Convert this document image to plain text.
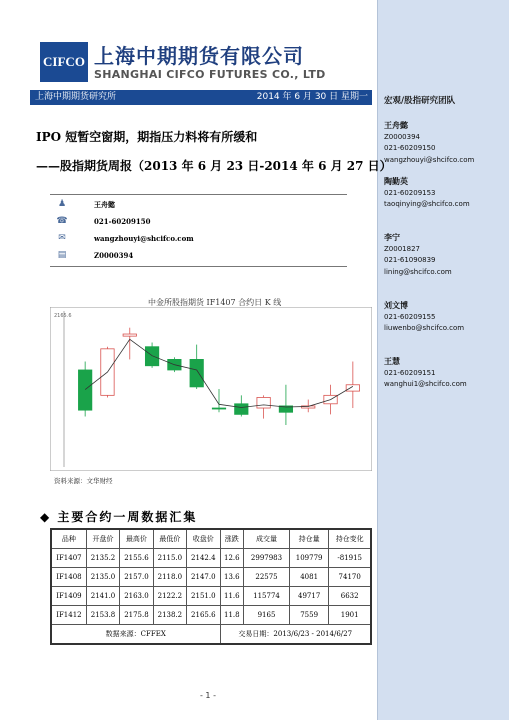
CIFCO 上海中期期货有限公司
SHANGHAI CIFCO FUTURES CO., LTD
上海中期期货研究所	2014 年 6 月 30 日 星期一 宏观/股指研究团队
王舟懿
Z0000394
021-60209150
wangzhouyi@shcifco.com
陶勤英
021-60209153
taoqinying@shcifco.com
李宁
Z0001827
021-61090839
lining@shcifco.com
刘文博
021-60209155
liuwenbo@shcifco.com
王慧
021-60209151
wanghui1@shcifco.com
IPO 短暂空窗期，期指压力料将有所缓和
——股指期货周报（2013 年 6 月 23 日-2014 年 6 月 27 日）
♟	王舟懿
☎	021-60209150
✉	wangzhouyi@shcifco.com
▤	Z0000394
中金所股指期货 IF1407 合约日 K 线
2165.6
资料来源：文华财经
◆ 主要合约一周数据汇集
品种	开盘价	最高价	最低价	收盘价	涨跌	成交量	持仓量	持仓变化
IF1407	2135.2	2155.6	2115.0	2142.4	12.6	2997983	109779	-81915
IF1408	2135.0	2157.0	2118.0	2147.0	13.6	22575	4081	74170
IF1409	2141.0	2163.0	2122.2	2151.0	11.6	115774	49717	6632
IF1412	2153.8	2175.8	2138.2	2165.6	11.8	9165	7559	1901
数据来源：CFFEX					交易日期：2013/6/23 - 2014/6/27			
- 1 -
